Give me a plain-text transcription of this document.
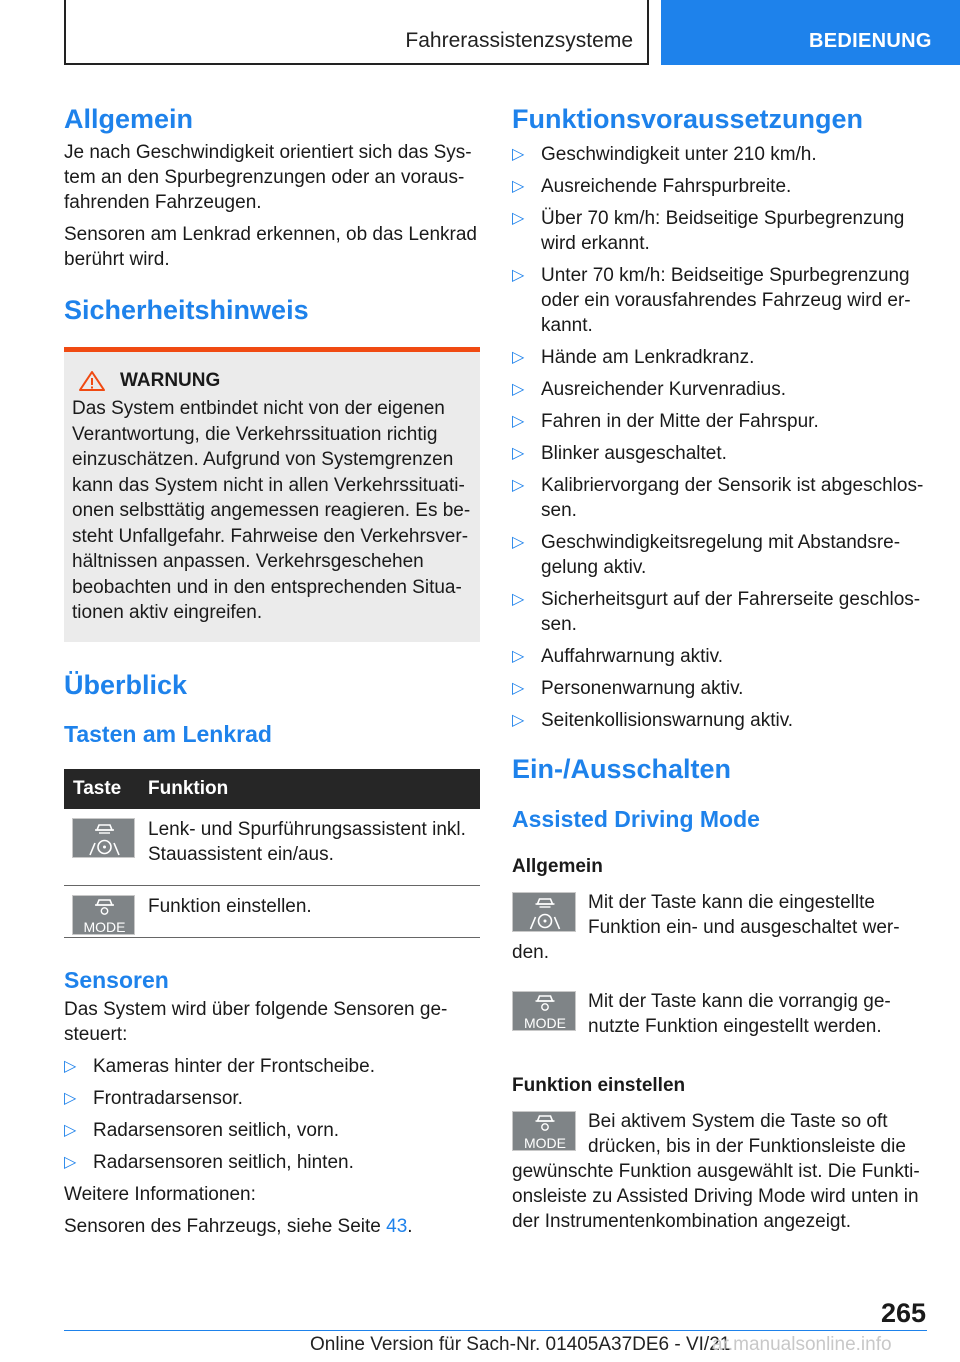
Fahrerassistenzsysteme	BEDIENUNG
Allgemein

Je nach Geschwindigkeit orientiert sich das Sys-tem an den Spurbegrenzungen oder an voraus-fahrenden Fahrzeugen.

Sensoren am Lenkrad erkennen, ob das Lenkrad berührt wird.

Sicherheitshinweis
WARNUNG

Das System entbindet nicht von der eigenen Verantwortung, die Verkehrssituation richtig einzuschätzen. Aufgrund von Systemgrenzen kann das System nicht in allen Verkehrssituati-onen selbsttätig angemessen reagieren. Es be-steht Unfallgefahr. Fahrweise den Verkehrsver-hältnissen anpassen. Verkehrsgeschehen beobachten und in den entsprechenden Situa-tionen aktiv eingreifen.

Überblick
Tasten am Lenkrad
Taste	Funktion

	Lenk- und Spurführungsassistent inkl. Stauassistent ein/aus.

MODE	Funktion einstellen.
Sensoren

Das System wird über folgende Sensoren ge-steuert:

▷ Kameras hinter der Frontscheibe.
▷ Frontradarsensor.
▷ Radarsensoren seitlich, vorn.
▷ Radarsensoren seitlich, hinten.

Weitere Informationen:

Sensoren des Fahrzeugs, siehe Seite 43.

Funktionsvoraussetzungen
▷ Geschwindigkeit unter 210 km/h.
▷ Ausreichende Fahrspurbreite.
▷ Über 70 km/h: Beidseitige Spurbegrenzung wird erkannt.
▷ Unter 70 km/h: Beidseitige Spurbegrenzung oder ein vorausfahrendes Fahrzeug wird er-kannt.
▷ Hände am Lenkradkranz.
▷ Ausreichender Kurvenradius.
▷ Fahren in der Mitte der Fahrspur.
▷ Blinker ausgeschaltet.
▷ Kalibriervorgang der Sensorik ist abgeschlos-sen.
▷ Geschwindigkeitsregelung mit Abstandsre-gelung aktiv.
▷ Sicherheitsgurt auf der Fahrerseite geschlos-sen.
▷ Auffahrwarnung aktiv.
▷ Personenwarnung aktiv.
▷ Seitenkollisionswarnung aktiv.
Ein-/Ausschalten
Assisted Driving Mode
Allgemein

Mit der Taste kann die eingestellte Funktion ein- und ausgeschaltet wer-den.

MODE

Mit der Taste kann die vorrangig ge-nutzte Funktion eingestellt werden.

Funktion einstellen
MODE

Bei aktivem System die Taste so oft drücken, bis in der Funktionsleiste die gewünschte Funktion ausgewählt ist. Die Funkti-onsleiste zu Assisted Driving Mode wird unten in der Instrumentenkombination angezeigt.

265
Online Version für Sach-Nr. 01405A37DE6 - VI/21
ar.manualsonline.info
